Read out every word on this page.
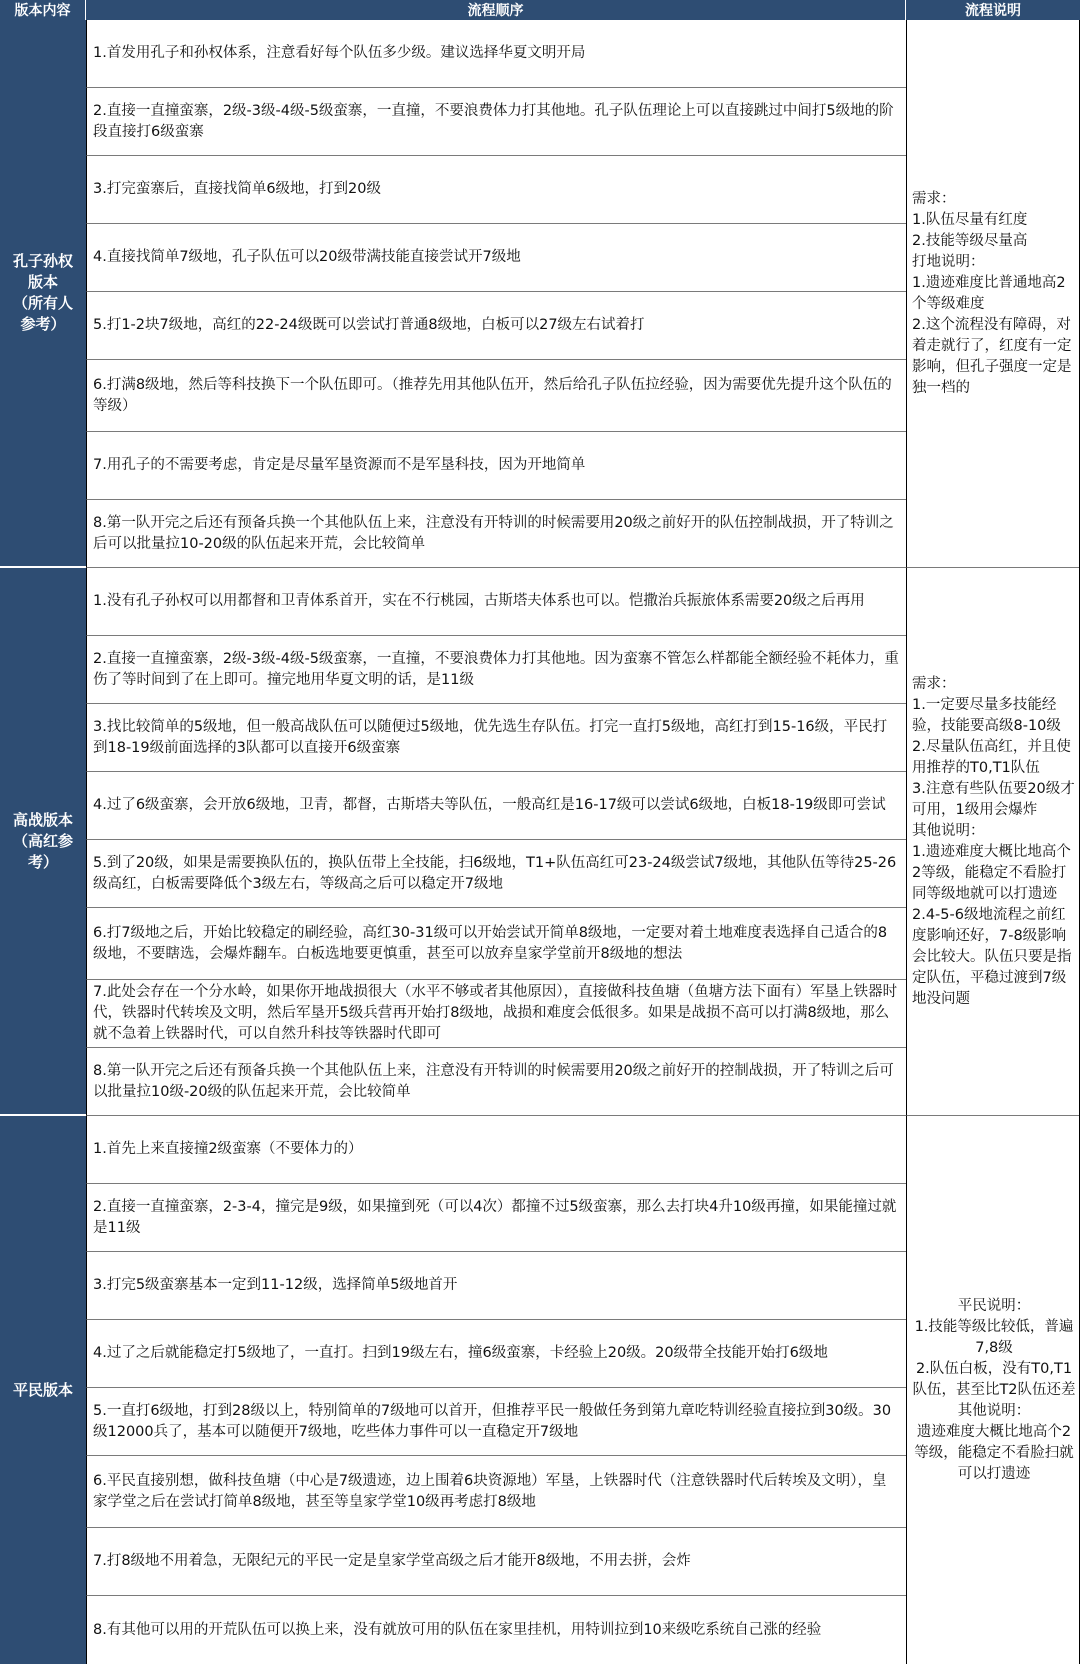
版本内容	流程顺序	流程说明
孔子孙权
版本
（所有人
参考）
1.首发用孔子和孙权体系，注意看好每个队伍多少级。建议选择华夏文明开局
2.直接一直撞蛮寨，2级-3级-4级-5级蛮寨，一直撞，不要浪费体力打其他地。孔子队伍理论上可以直接跳过中间打5级地的阶段直接打6级蛮寨
3.打完蛮寨后，直接找简单6级地，打到20级
4.直接找简单7级地，孔子队伍可以20级带满技能直接尝试开7级地
5.打1-2块7级地，高红的22-24级既可以尝试打普通8级地，白板可以27级左右试着打
6.打满8级地，然后等科技换下一个队伍即可。（推荐先用其他队伍开，然后给孔子队伍拉经验，因为需要优先提升这个队伍的等级）
7.用孔子的不需要考虑，肯定是尽量军垦资源而不是军垦科技，因为开地简单
8.第一队开完之后还有预备兵换一个其他队伍上来，注意没有开特训的时候需要用20级之前好开的队伍控制战损，开了特训之后可以批量拉10-20级的队伍起来开荒，会比较简单
需求：
1.队伍尽量有红度
2.技能等级尽量高
打地说明：
1.遗迹难度比普通地高2个等级难度
2.这个流程没有障碍，对着走就行了，红度有一定影响，但孔子强度一定是独一档的
高战版本
（高红参
考）
1.没有孔子孙权可以用都督和卫青体系首开，实在不行桃园，古斯塔夫体系也可以。恺撒治兵振旅体系需要20级之后再用
2.直接一直撞蛮寨，2级-3级-4级-5级蛮寨，一直撞，不要浪费体力打其他地。因为蛮寨不管怎么样都能全额经验不耗体力，重伤了等时间到了在上即可。撞完地用华夏文明的话，是11级
3.找比较简单的5级地，但一般高战队伍可以随便过5级地，优先选生存队伍。打完一直打5级地，高红打到15-16级，平民打到18-19级前面选择的3队都可以直接开6级蛮寨
4.过了6级蛮寨，会开放6级地，卫青，都督，古斯塔夫等队伍，一般高红是16-17级可以尝试6级地，白板18-19级即可尝试
5.到了20级，如果是需要换队伍的，换队伍带上全技能，扫6级地，T1+队伍高红可23-24级尝试7级地，其他队伍等待25-26级高红，白板需要降低个3级左右，等级高之后可以稳定开7级地
6.打7级地之后，开始比较稳定的刷经验，高红30-31级可以开始尝试开简单8级地，一定要对着土地难度表选择自己适合的8级地，不要瞎选，会爆炸翻车。白板选地要更慎重，甚至可以放弃皇家学堂前开8级地的想法
7.此处会存在一个分水岭，如果你开地战损很大（水平不够或者其他原因），直接做科技鱼塘（鱼塘方法下面有）军垦上铁器时代，铁器时代转埃及文明，然后军垦开5级兵营再开始打8级地，战损和难度会低很多。如果是战损不高可以打满8级地，那么就不急着上铁器时代，可以自然升科技等铁器时代即可
8.第一队开完之后还有预备兵换一个其他队伍上来，注意没有开特训的时候需要用20级之前好开的控制战损，开了特训之后可以批量拉10级-20级的队伍起来开荒，会比较简单
需求：
1.一定要尽量多技能经验，技能要高级8-10级
2.尽量队伍高红，并且使用推荐的T0,T1队伍
3.注意有些队伍要20级才可用，1级用会爆炸
其他说明：
1.遗迹难度大概比地高个2等级，能稳定不看脸打同等级地就可以打遗迹
2.4-5-6级地流程之前红度影响还好，7-8级影响会比较大。队伍只要是指定队伍，平稳过渡到7级地没问题
平民版本
1.首先上来直接撞2级蛮寨（不要体力的）
2.直接一直撞蛮寨，2-3-4，撞完是9级，如果撞到死（可以4次）都撞不过5级蛮寨，那么去打块4升10级再撞，如果能撞过就是11级
3.打完5级蛮寨基本一定到11-12级，选择简单5级地首开
4.过了之后就能稳定打5级地了，一直打。扫到19级左右，撞6级蛮寨，卡经验上20级。20级带全技能开始打6级地
5.一直打6级地，打到28级以上，特别简单的7级地可以首开，但推荐平民一般做任务到第九章吃特训经验直接拉到30级。30级12000兵了，基本可以随便开7级地，吃些体力事件可以一直稳定开7级地
6.平民直接别想，做科技鱼塘（中心是7级遗迹，边上围着6块资源地）军垦，上铁器时代（注意铁器时代后转埃及文明），皇家学堂之后在尝试打简单8级地，甚至等皇家学堂10级再考虑打8级地
7.打8级地不用着急，无限纪元的平民一定是皇家学堂高级之后才能开8级地，不用去拼，会炸
8.有其他可以用的开荒队伍可以换上来，没有就放可用的队伍在家里挂机，用特训拉到10来级吃系统自己涨的经验
平民说明：
1.技能等级比较低，普遍7,8级
2.队伍白板，没有T0,T1队伍，甚至比T2队伍还差
其他说明：
遗迹难度大概比地高个2等级，能稳定不看脸扫就可以打遗迹
